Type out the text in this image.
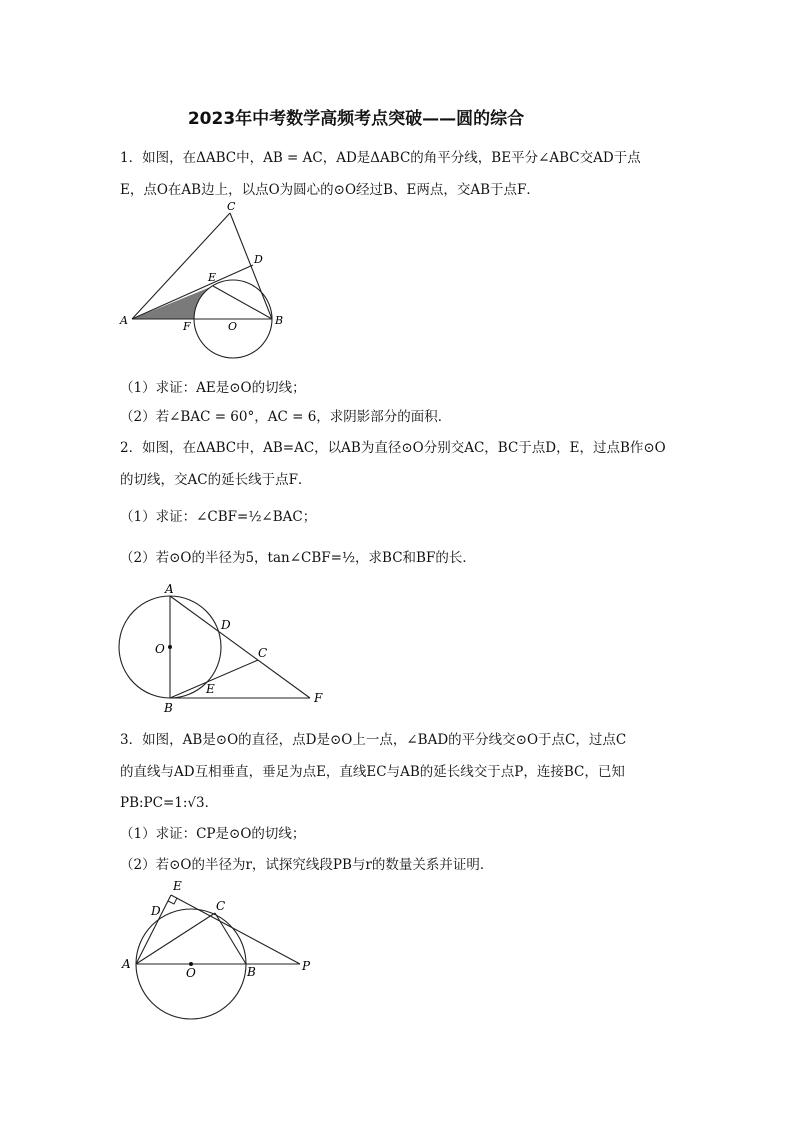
2023年中考数学高频考点突破——圆的综合
1．如图，在ΔABC中，AB = AC，AD是ΔABC的角平分线，BE平分∠ABC交AD于点
E，点O在AB边上，以点O为圆心的⊙O经过B、E两点，交AB于点F．
A	B
C
D
E
F	O
（1）求证：AE是⊙O的切线；
（2）若∠BAC = 60°，AC = 6，求阴影部分的面积．
2．如图，在ΔABC中，AB=AC，以AB为直径⊙O分别交AC，BC于点D，E，过点B作⊙O
的切线，交AC的延长线于点F．
（1）求证：∠CBF=½∠BAC；
（2）若⊙O的半径为5，tan∠CBF=½，求BC和BF的长．
A
B
C
D
E
F
O
3．如图，AB是⊙O的直径，点D是⊙O上一点，∠BAD的平分线交⊙O于点C，过点C
的直线与AD互相垂直，垂足为点E，直线EC与AB的延长线交于点P，连接BC，已知
PB:PC=1:√3．
（1）求证：CP是⊙O的切线；
（2）若⊙O的半径为r，试探究线段PB与r的数量关系并证明．
A
B
C
D
E
O	P
